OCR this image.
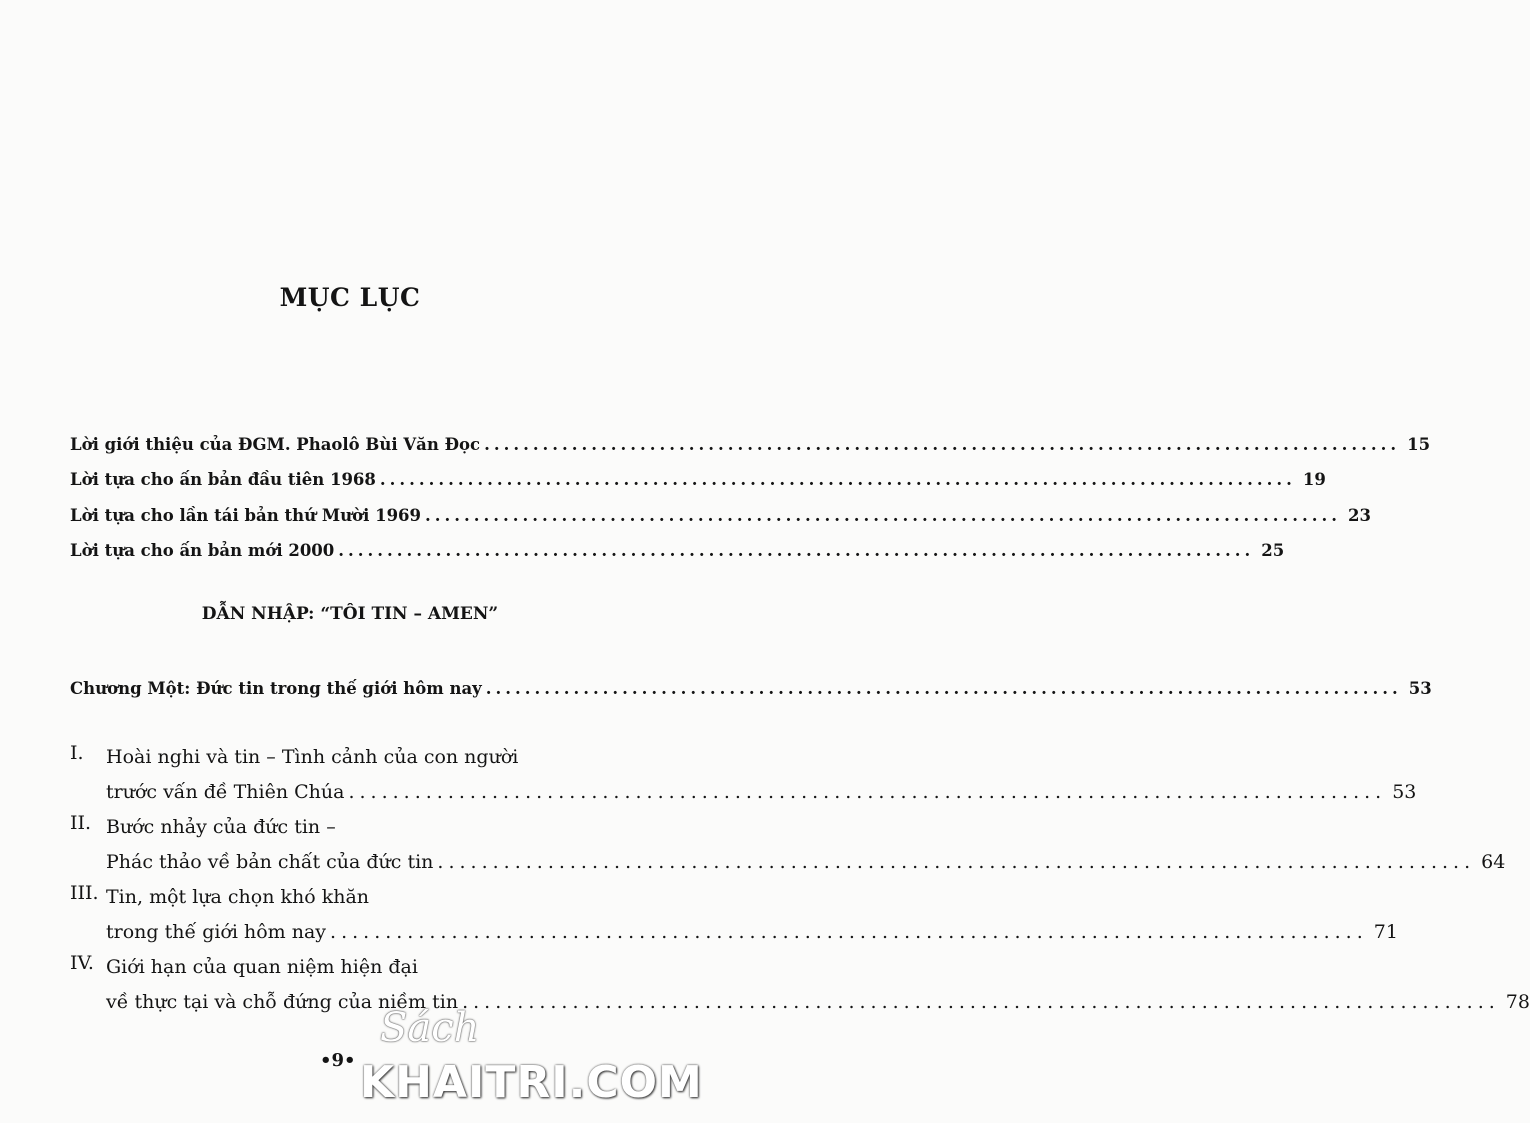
MỤC LỤC
Lời giới thiệu của ĐGM. Phaolô Bùi Văn Đọc .............................................................................................. 15
Lời tựa cho ấn bản đầu tiên 1968 .............................................................................................. 19
Lời tựa cho lần tái bản thứ Mười 1969 .............................................................................................. 23
Lời tựa cho ấn bản mới 2000 .............................................................................................. 25
DẪN NHẬP: “TÔI TIN – AMEN”
Chương Một: Đức tin trong thế giới hôm nay .............................................................................................. 53
I. Hoài nghi và tin – Tình cảnh của con người
trước vấn đề Thiên Chúa .............................................................................................. 53
II. Bước nhảy của đức tin –
Phác thảo về bản chất của đức tin .............................................................................................. 64
III. Tin, một lựa chọn khó khăn
trong thế giới hôm nay .............................................................................................. 71
IV. Giới hạn của quan niệm hiện đại
về thực tại và chỗ đứng của niềm tin .............................................................................................. 78
•9•
Sách
KHAITRI.COM
